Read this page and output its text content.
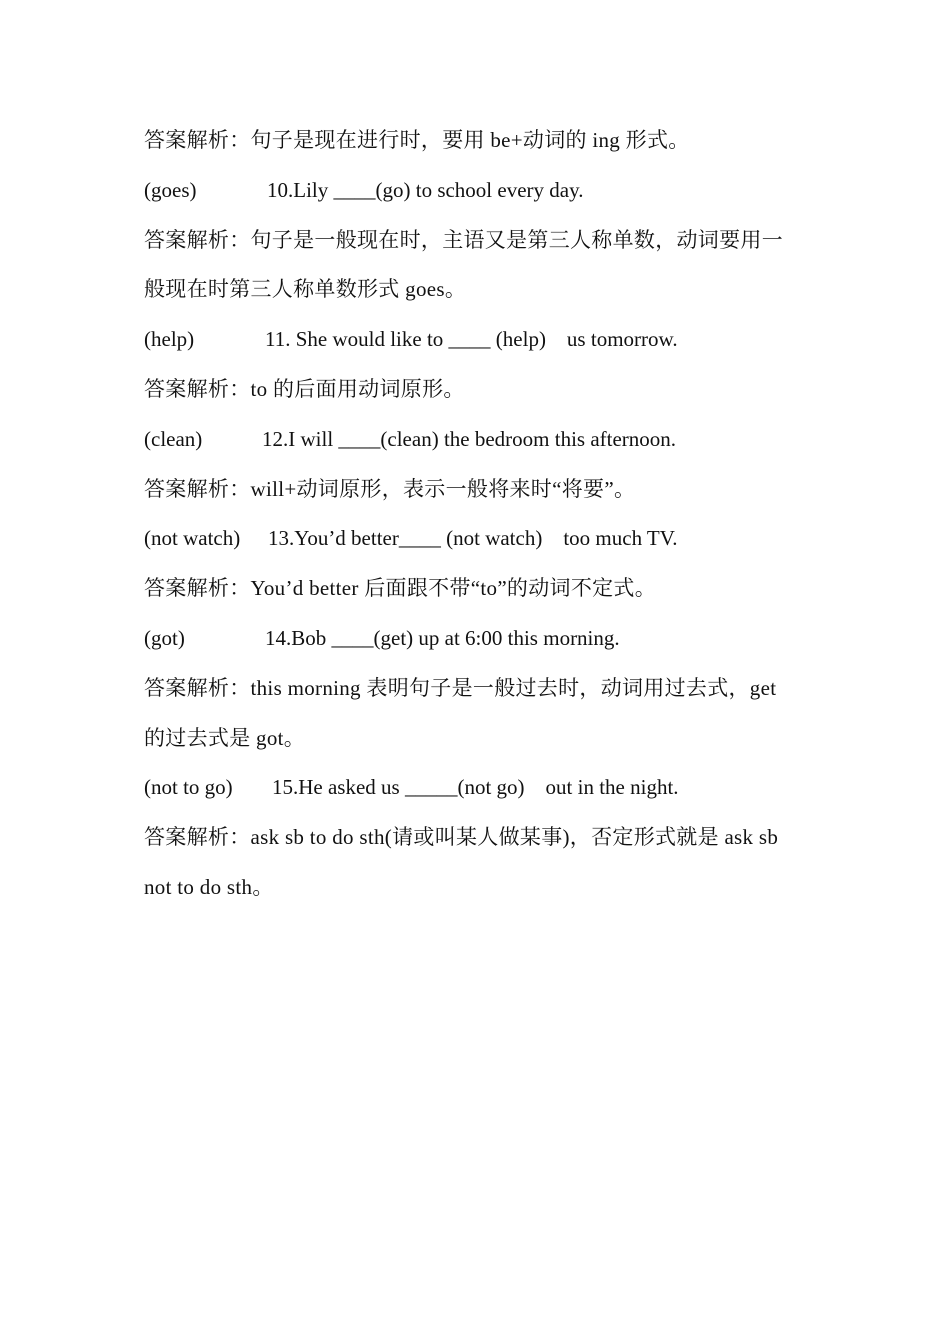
答案解析：句子是现在进行时，要用 be+动词的 ing 形式。
(goes)	10.Lily ____(go) to school every day.
答案解析：句子是一般现在时，主语又是第三人称单数，动词要用一
般现在时第三人称单数形式 goes。
(help)	11. She would like to ____ (help)    us tomorrow.
答案解析：to 的后面用动词原形。
(clean)	12.I will ____(clean) the bedroom this afternoon.
答案解析：will+动词原形，表示一般将来时“将要”。
(not watch) 13.You’d better____ (not watch)    too much TV.
答案解析：You’d better 后面跟不带“to”的动词不定式。
(got)	14.Bob ____(get) up at 6:00 this morning.
答案解析：this morning 表明句子是一般过去时，动词用过去式，get
的过去式是 got。
(not to go) 15.He asked us _____(not go)    out in the night.
答案解析：ask sb to do sth(请或叫某人做某事)，否定形式就是 ask sb
not to do sth。
